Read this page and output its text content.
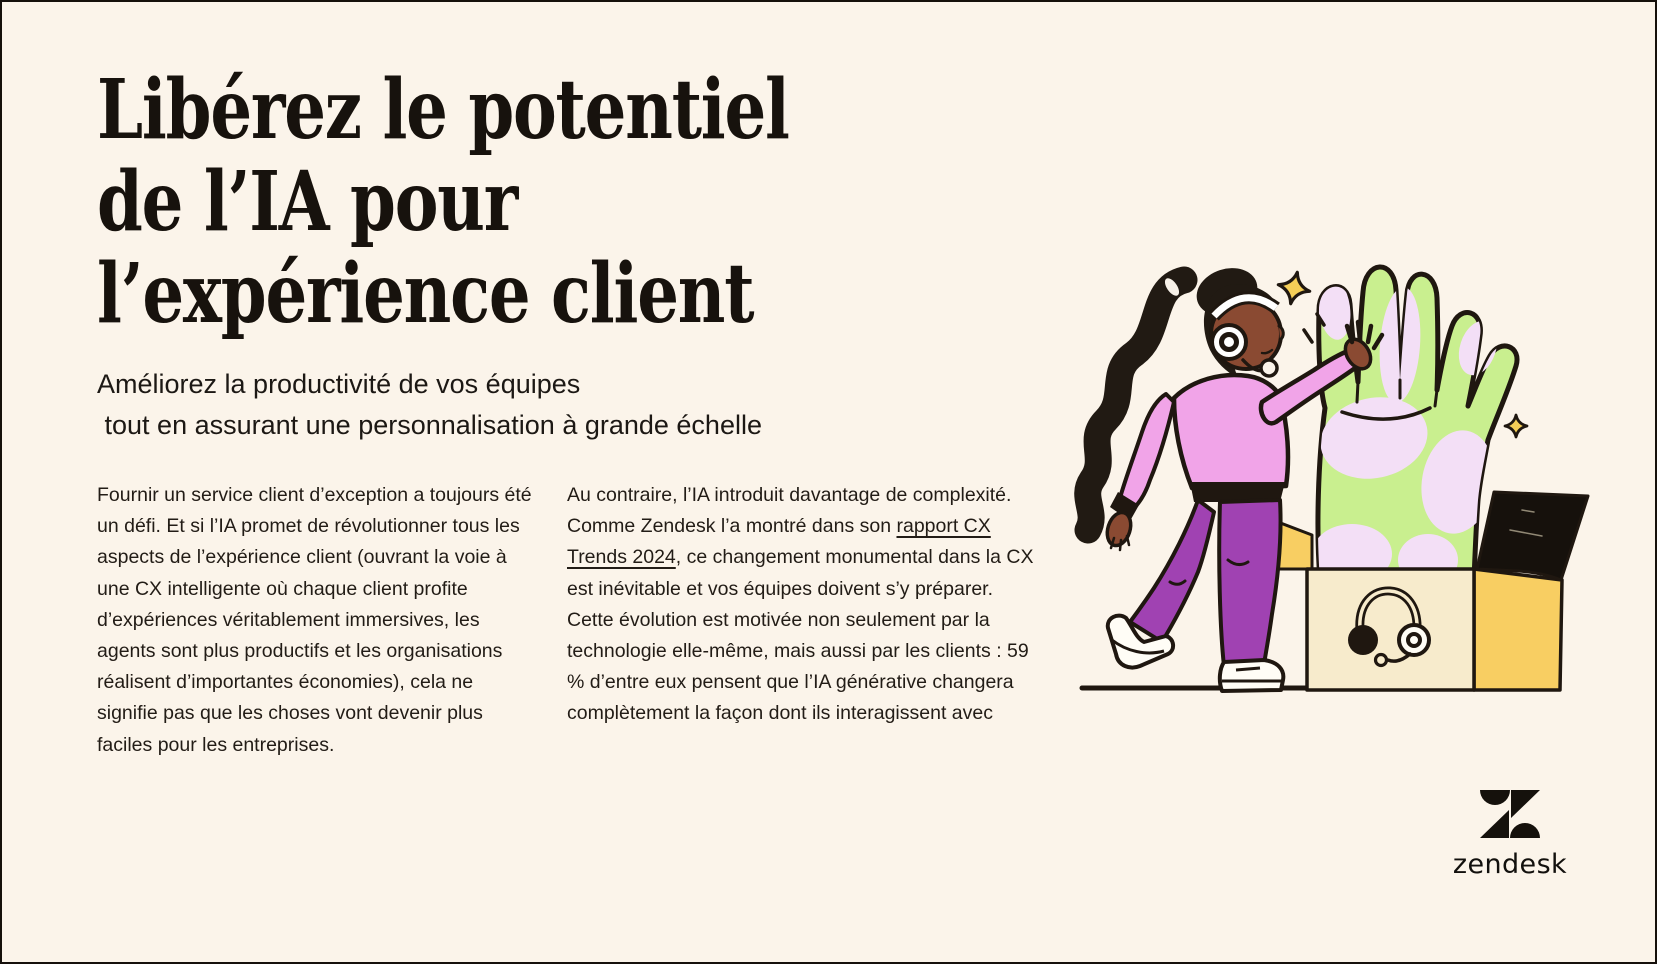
Libérez le potentiel
de l’IA pour
l’expérience client
Améliorez la productivité de vos équipes
tout en assurant une personnalisation à grande échelle

Fournir un service client d’exception a toujours été un défi. Et si l’IA promet de révolutionner tous les aspects de l’expérience client (ouvrant la voie à une CX intelligente où chaque client profite d’expériences véritablement immersives, les agents sont plus productifs et les organisations réalisent d’importantes économies), cela ne signifie pas que les choses vont devenir plus faciles pour les entreprises.

Au contraire, l’IA introduit davantage de complexité. Comme Zendesk l’a montré dans son rapport CX Trends 2024, ce changement monumental dans la CX est inévitable et vos équipes doivent s’y préparer. Cette évolution est motivée non seulement par la technologie elle-même, mais aussi par les clients : 59 % d’entre eux pensent que l’IA générative changera complètement la façon dont ils interagissent avec

zendesk
